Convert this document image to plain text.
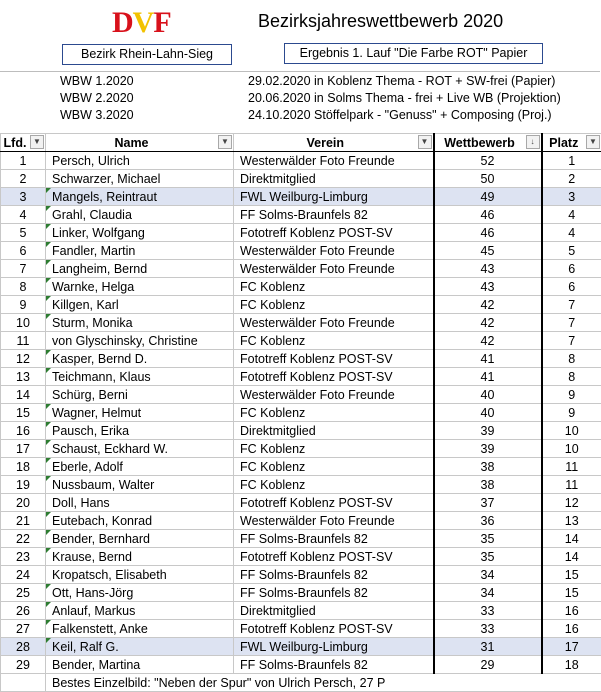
DVF	Bezirksjahreswettbewerb 2020
Bezirk Rhein-Lahn-Sieg	Ergebnis 1. Lauf "Die Farbe ROT" Papier
WBW 1.2020	29.02.2020 in Koblenz Thema - ROT + SW-frei (Papier)
WBW 2.2020	20.06.2020 in Solms Thema - frei + Live WB (Projektion)
WBW 3.2020	24.10.2020 Stöffelpark - "Genuss" + Composing (Proj.)
Lfd. ▼	Name ▼	Verein ▼	Wettbewerb ↓	Platz ▼

1	Persch, Ulrich	Westerwälder Foto Freunde	52	1
2	Schwarzer, Michael	Direktmitglied	50	2
3	Mangels, Reintraut	FWL Weilburg-Limburg	49	3
4	Grahl, Claudia	FF Solms-Braunfels 82	46	4
5	Linker, Wolfgang	Fototreff Koblenz POST-SV	46	4
6	Fandler, Martin	Westerwälder Foto Freunde	45	5
7	Langheim, Bernd	Westerwälder Foto Freunde	43	6
8	Warnke, Helga	FC Koblenz	43	6
9	Killgen, Karl	FC Koblenz	42	7
10	Sturm, Monika	Westerwälder Foto Freunde	42	7
11	von Glyschinsky, Christine	FC Koblenz	42	7
12	Kasper, Bernd D.	Fototreff Koblenz POST-SV	41	8
13	Teichmann, Klaus	Fototreff Koblenz POST-SV	41	8
14	Schürg, Berni	Westerwälder Foto Freunde	40	9
15	Wagner, Helmut	FC Koblenz	40	9
16	Pausch, Erika	Direktmitglied	39	10
17	Schaust, Eckhard W.	FC Koblenz	39	10
18	Eberle, Adolf	FC Koblenz	38	11
19	Nussbaum, Walter	FC Koblenz	38	11
20	Doll, Hans	Fototreff Koblenz POST-SV	37	12
21	Eutebach, Konrad	Westerwälder Foto Freunde	36	13
22	Bender, Bernhard	FF Solms-Braunfels 82	35	14
23	Krause, Bernd	Fototreff Koblenz POST-SV	35	14
24	Kropatsch, Elisabeth	FF Solms-Braunfels 82	34	15
25	Ott, Hans-Jörg	FF Solms-Braunfels 82	34	15
26	Anlauf, Markus	Direktmitglied	33	16
27	Falkenstett, Anke	Fototreff Koblenz POST-SV	33	16
28	Keil, Ralf G.	FWL Weilburg-Limburg	31	17
29	Bender, Martina	FF Solms-Braunfels 82	29	18
	Bestes Einzelbild: "Neben der Spur" von Ulrich Persch, 27 P			
